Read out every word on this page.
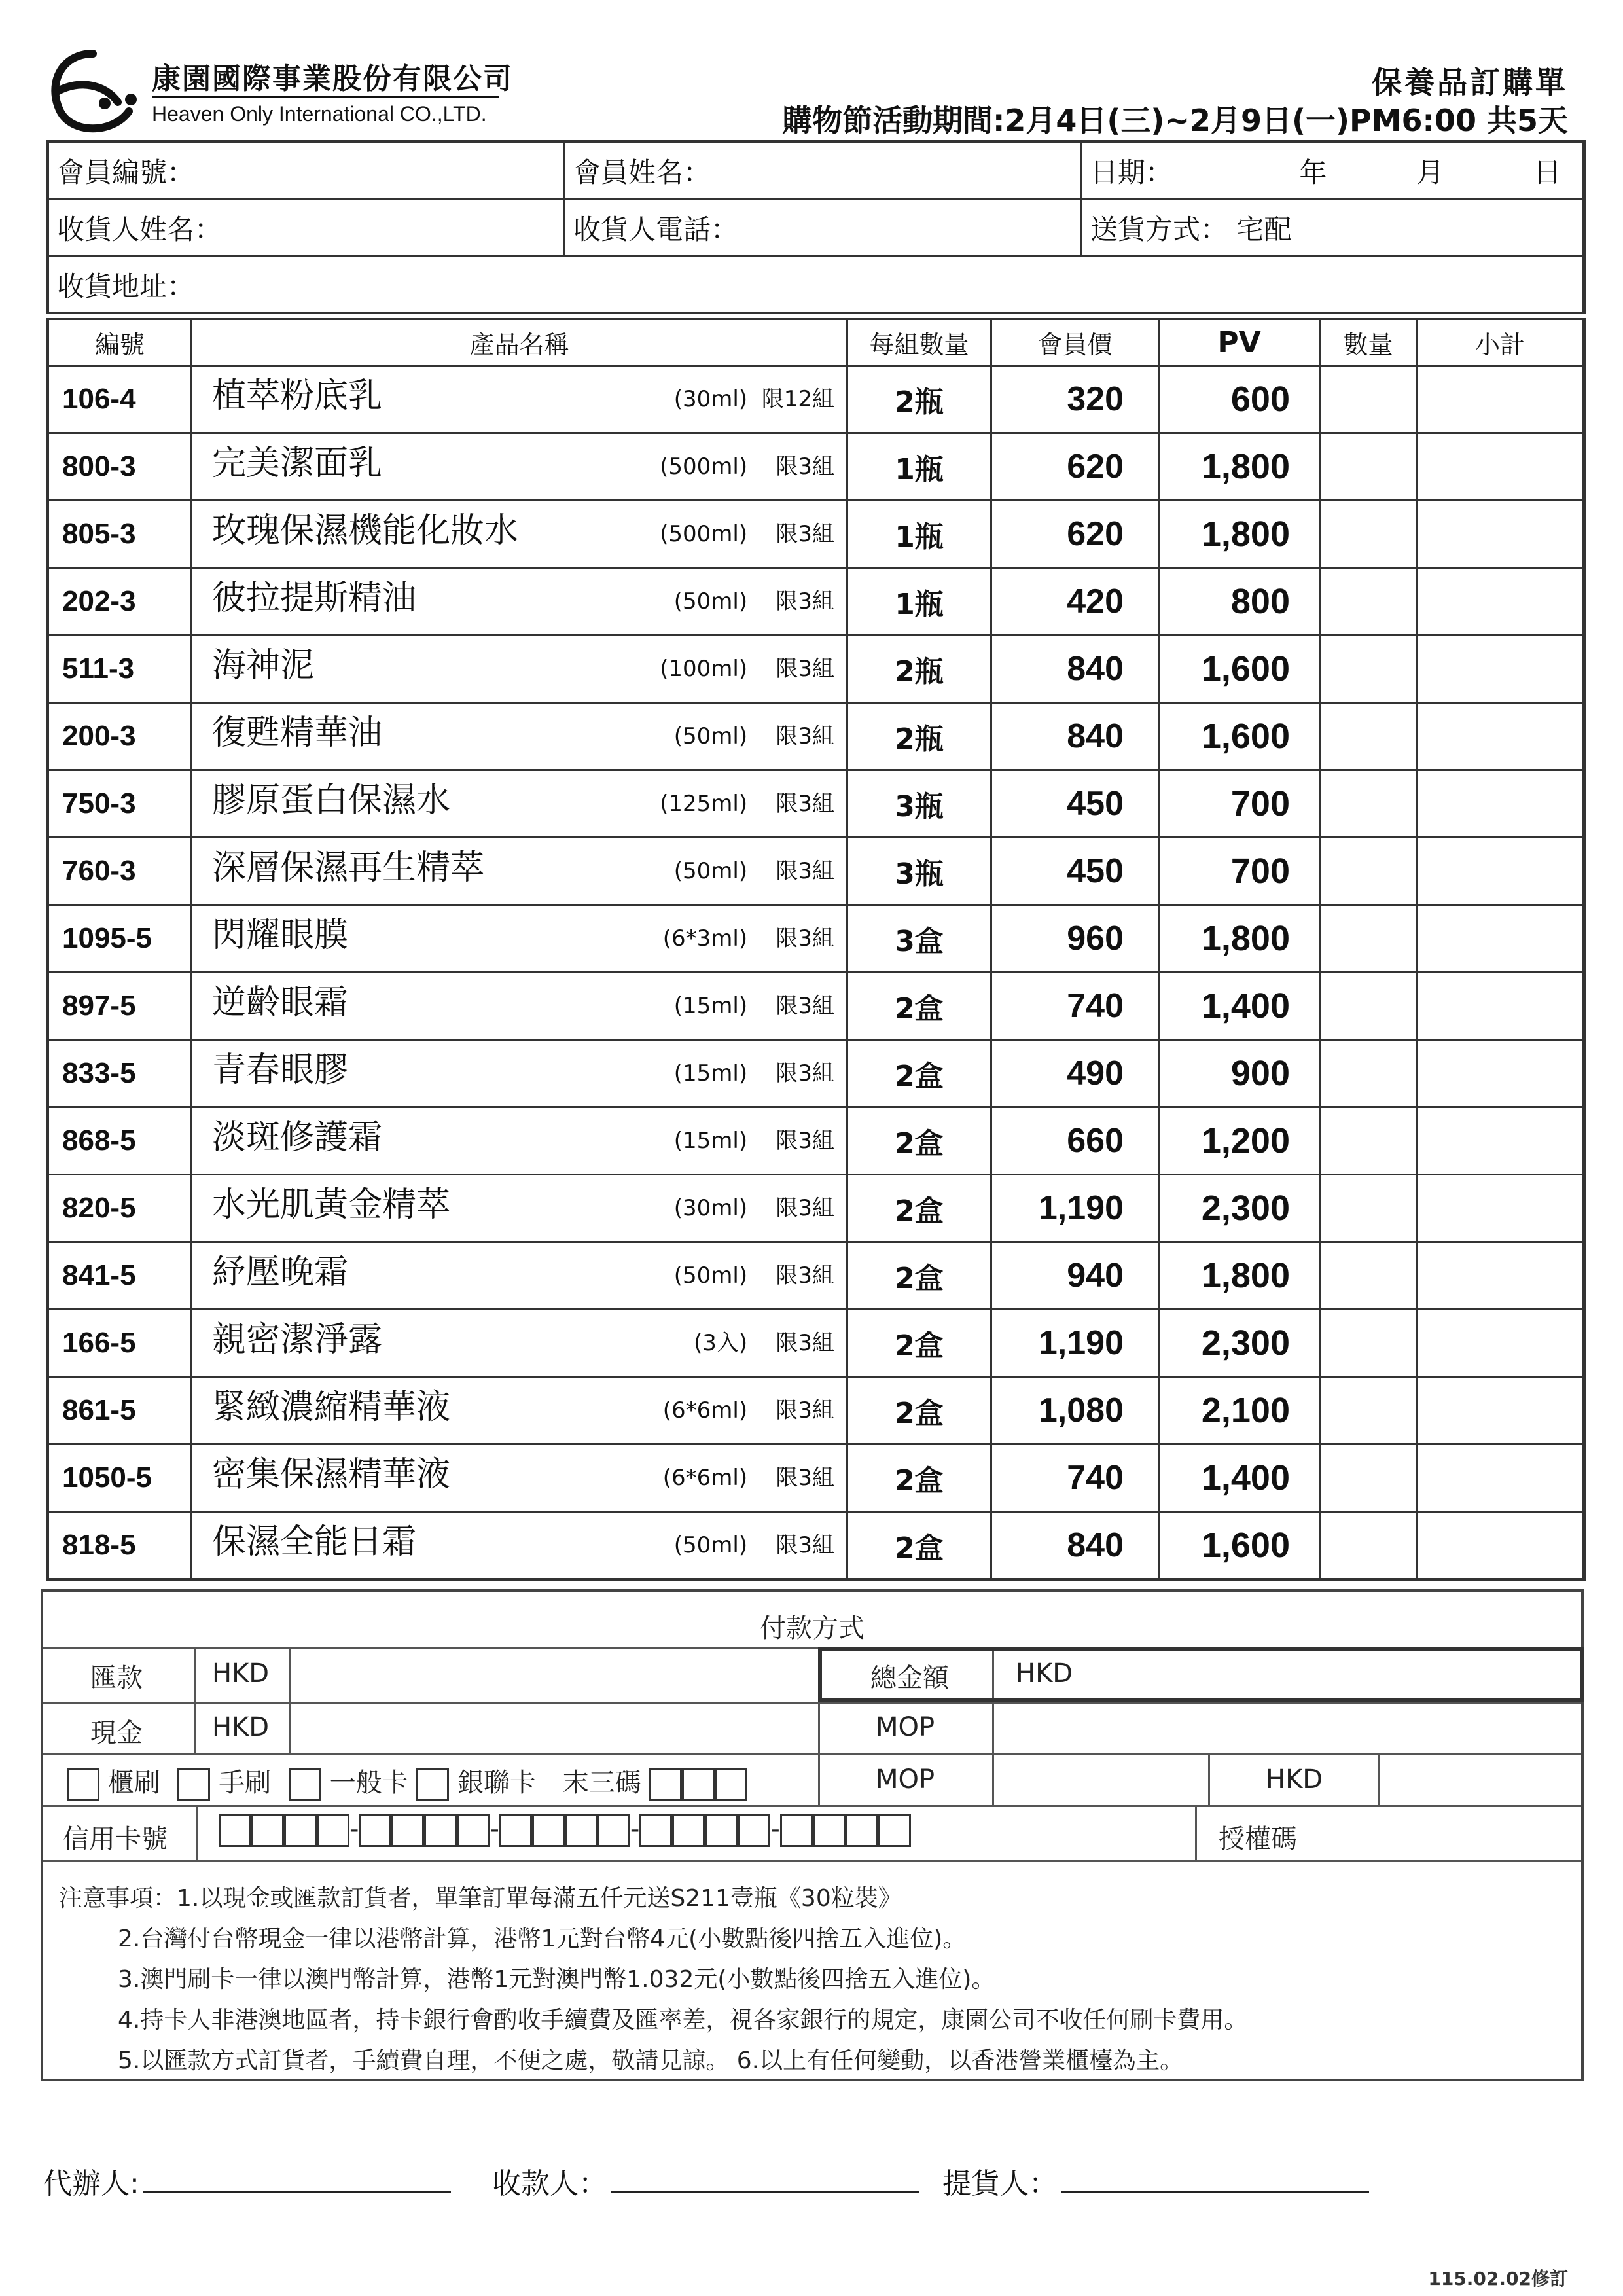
康園國際事業股份有限公司
Heaven Only International CO.,LTD.
保養品訂購單
購物節活動期間:2月4日(三)~2月9日(一)PM6:00 共5天
會員編號：	會員姓名：	日期： 年 月 日

收貨人姓名：	收貨人電話：	送貨方式： 宅配
收貨地址：		
編號	產品名稱	每組數量	會員價	PV	數量	小計
106-4	植萃粉底乳 (30ml)  限12組	2瓶	320	600		
800-3	完美潔面乳 (500ml)    限3組	1瓶	620	1,800		
805-3	玫瑰保濕機能化妝水 (500ml)    限3組	1瓶	620	1,800		
202-3	彼拉提斯精油 (50ml)    限3組	1瓶	420	800		
511-3	海神泥 (100ml)    限3組	2瓶	840	1,600		
200-3	復甦精華油 (50ml)    限3組	2瓶	840	1,600		
750-3	膠原蛋白保濕水 (125ml)    限3組	3瓶	450	700		
760-3	深層保濕再生精萃 (50ml)    限3組	3瓶	450	700		
1095-5	閃耀眼膜 (6*3ml)    限3組	3盒	960	1,800		
897-5	逆齡眼霜 (15ml)    限3組	2盒	740	1,400		
833-5	青春眼膠 (15ml)    限3組	2盒	490	900		
868-5	淡斑修護霜 (15ml)    限3組	2盒	660	1,200		
820-5	水光肌黃金精萃 (30ml)    限3組	2盒	1,190	2,300		
841-5	紓壓晚霜 (50ml)    限3組	2盒	940	1,800		
166-5	親密潔淨露 (3入)    限3組	2盒	1,190	2,300		
861-5	緊緻濃縮精華液 (6*6ml)    限3組	2盒	1,080	2,100		
1050-5	密集保濕精華液 (6*6ml)    限3組	2盒	740	1,400		
818-5	保濕全能日霜 (50ml)    限3組	2盒	840	1,600		
付款方式
匯款	HKD	總金額	HKD
現金	HKD	MOP
櫃刷 手刷 一般卡 銀聯卡 末三碼	MOP	HKD
信用卡號	-	-	-	-	授權碼
注意事項：1.以現金或匯款訂貨者，單筆訂單每滿五仟元送S211壹瓶《30粒裝》
2.台灣付台幣現金一律以港幣計算，港幣1元對台幣4元(小數點後四捨五入進位)。
3.澳門刷卡一律以澳門幣計算，港幣1元對澳門幣1.032元(小數點後四捨五入進位)。
4.持卡人非港澳地區者，持卡銀行會酌收手續費及匯率差，視各家銀行的規定，康園公司不收任何刷卡費用。
5.以匯款方式訂貨者，手續費自理，不便之處，敬請見諒。 6.以上有任何變動，以香港營業櫃檯為主。
代辦人:	收款人：	提貨人：
115.02.02修訂
